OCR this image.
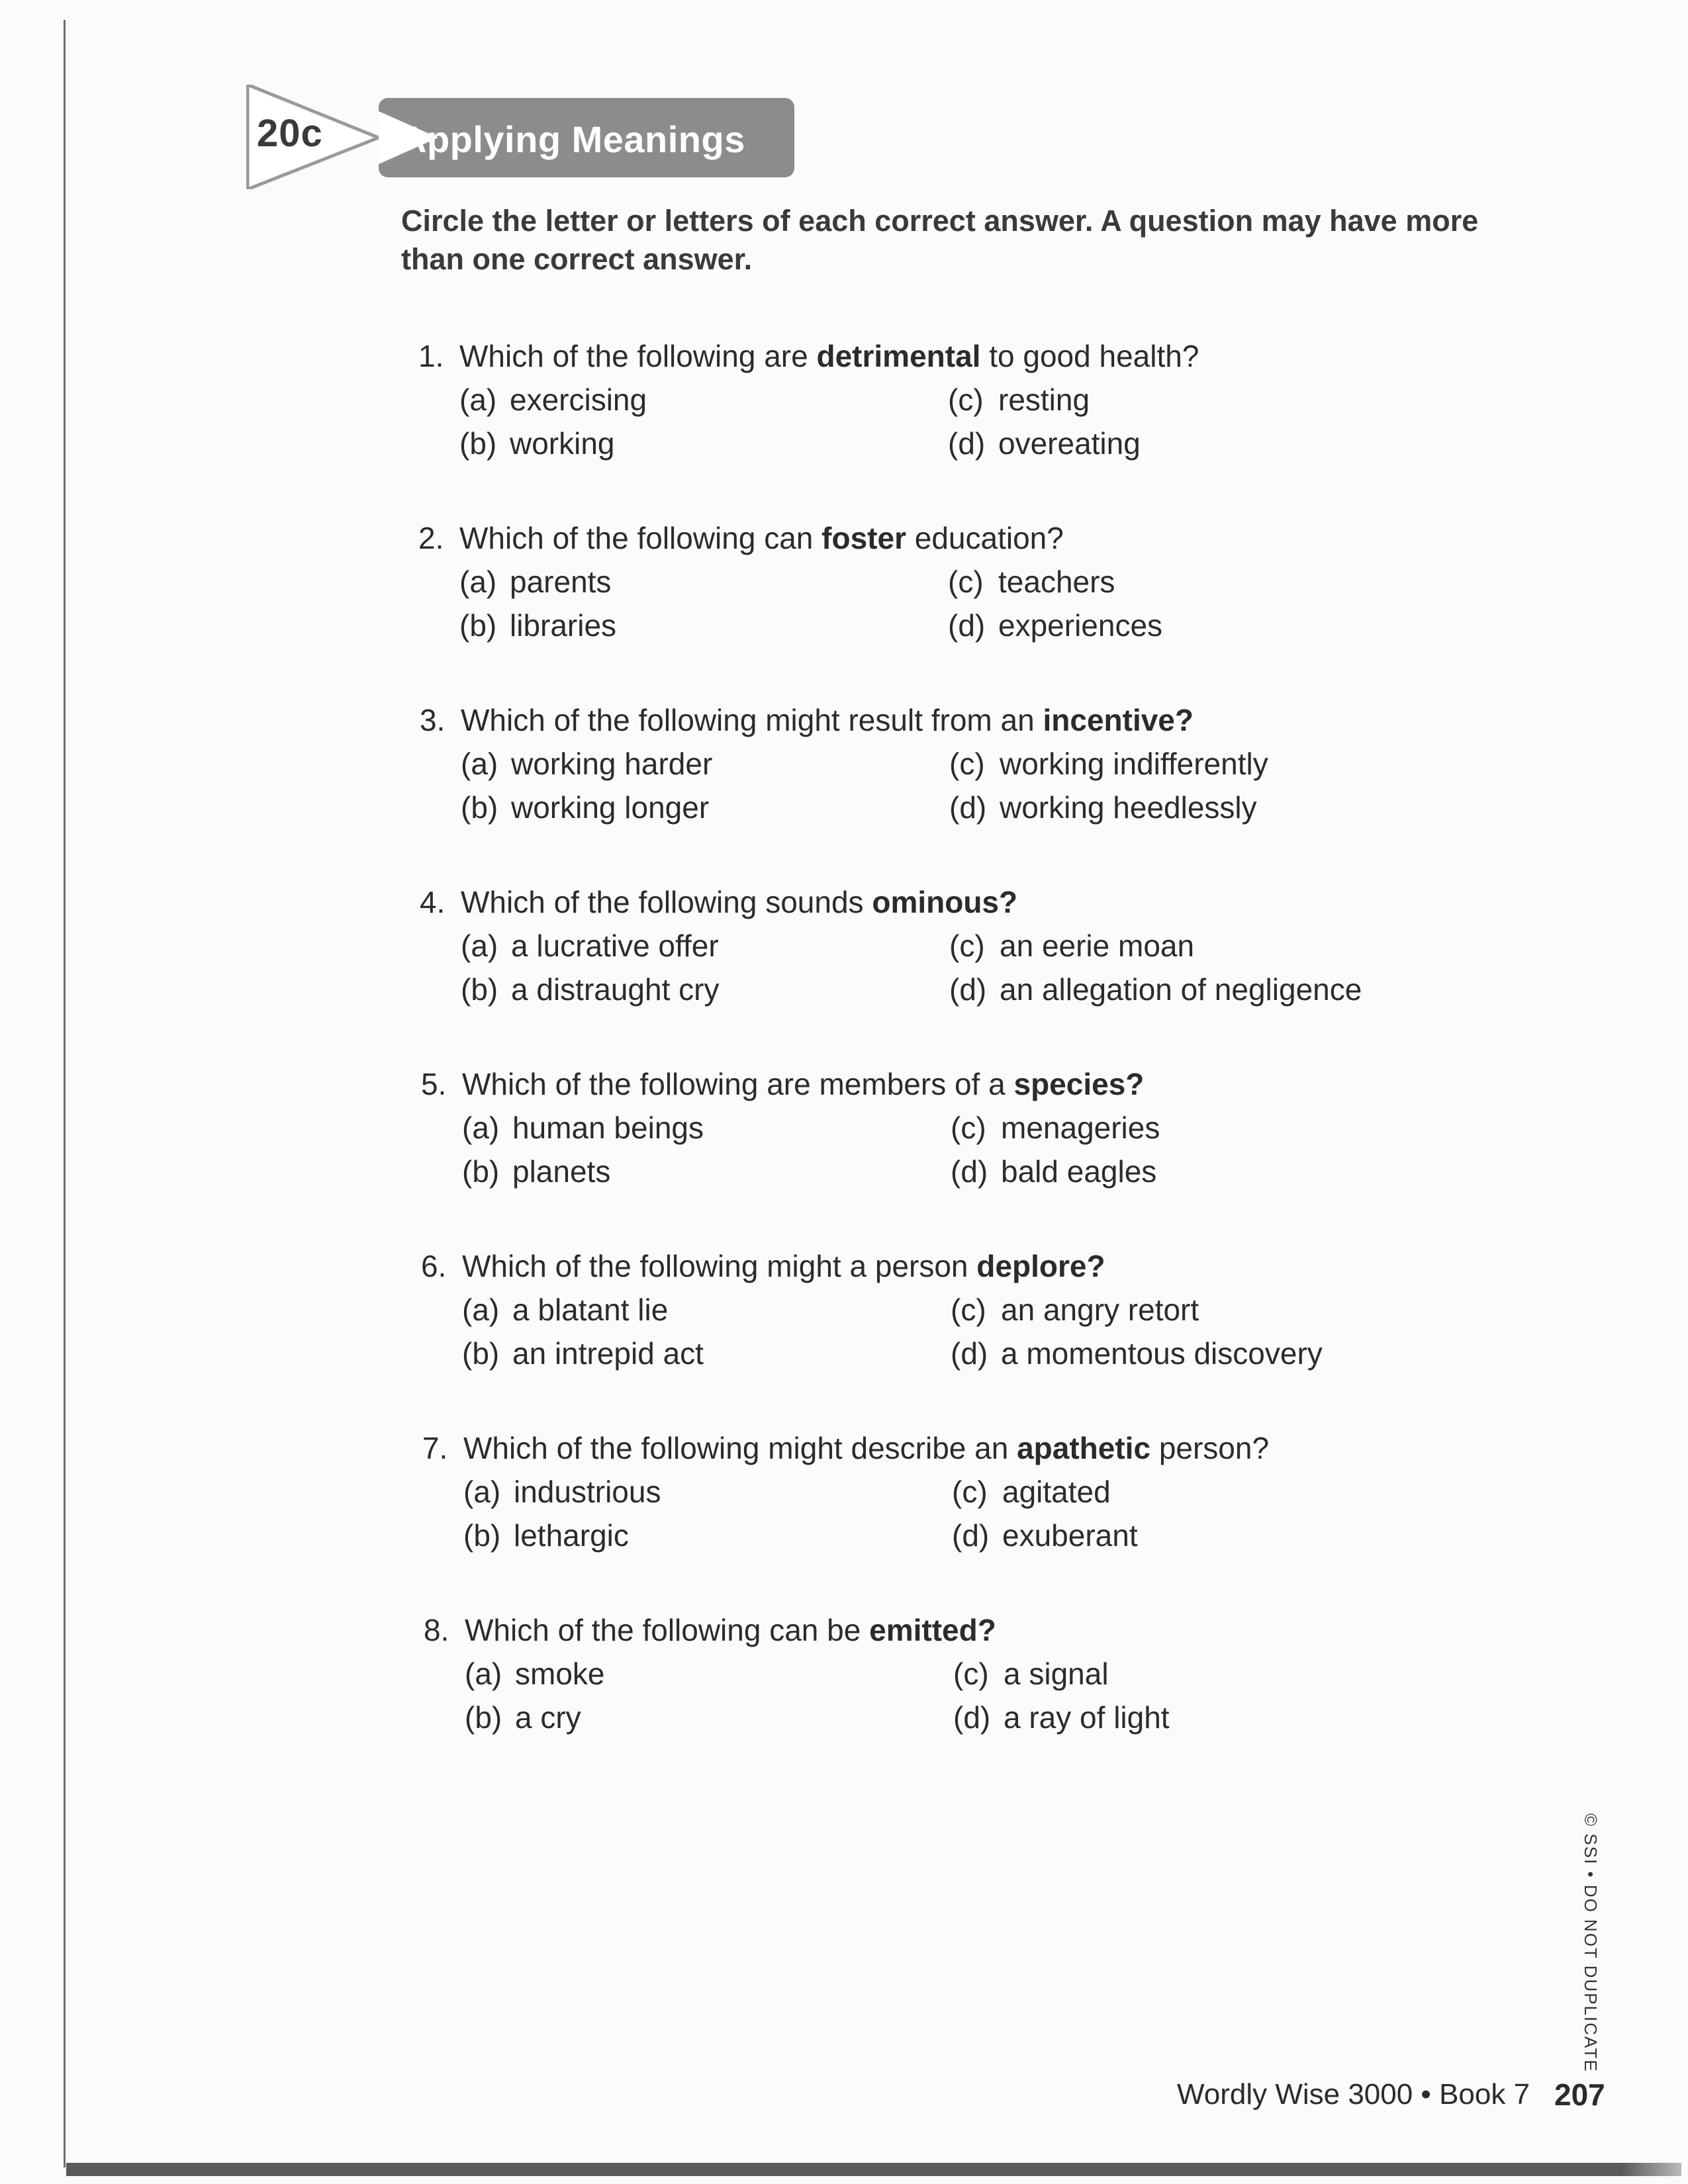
20c Applying Meanings
Circle the letter or letters of each correct answer. A question may have more than one correct answer.
1. Which of the following are detrimental to good health?
(a) exercising
(b) working
(c) resting
(d) overeating
2. Which of the following can foster education?
(a) parents
(b) libraries
(c) teachers
(d) experiences
3. Which of the following might result from an incentive?
(a) working harder
(b) working longer
(c) working indifferently
(d) working heedlessly
4. Which of the following sounds ominous?
(a) a lucrative offer
(b) a distraught cry
(c) an eerie moan
(d) an allegation of negligence
5. Which of the following are members of a species?
(a) human beings
(b) planets
(c) menageries
(d) bald eagles
6. Which of the following might a person deplore?
(a) a blatant lie
(b) an intrepid act
(c) an angry retort
(d) a momentous discovery
7. Which of the following might describe an apathetic person?
(a) industrious
(b) lethargic
(c) agitated
(d) exuberant
8. Which of the following can be emitted?
(a) smoke
(b) a cry
(c) a signal
(d) a ray of light
© SSI • DO NOT DUPLICATE
Wordly Wise 3000 • Book 7 207
